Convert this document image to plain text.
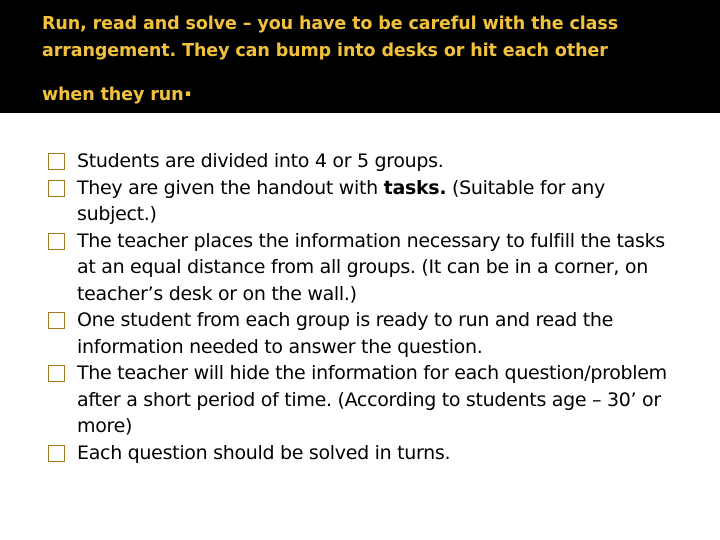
Run, read and solve – you have to be careful with the class
arrangement. They can bump into desks or hit each other
when they run.
Students are divided into 4 or 5 groups.
They are given the handout with tasks. (Suitable for any subject.)
The teacher places the information necessary to fulfill the tasks at an equal distance from all groups. (It can be in a corner, on teacher’s desk or on the wall.)
One student from each group is ready to run and read the information needed to answer the question.
The teacher will hide the information for each question/problem after a short period of time. (According to students age – 30’ or more)
Each question should be solved in turns.
